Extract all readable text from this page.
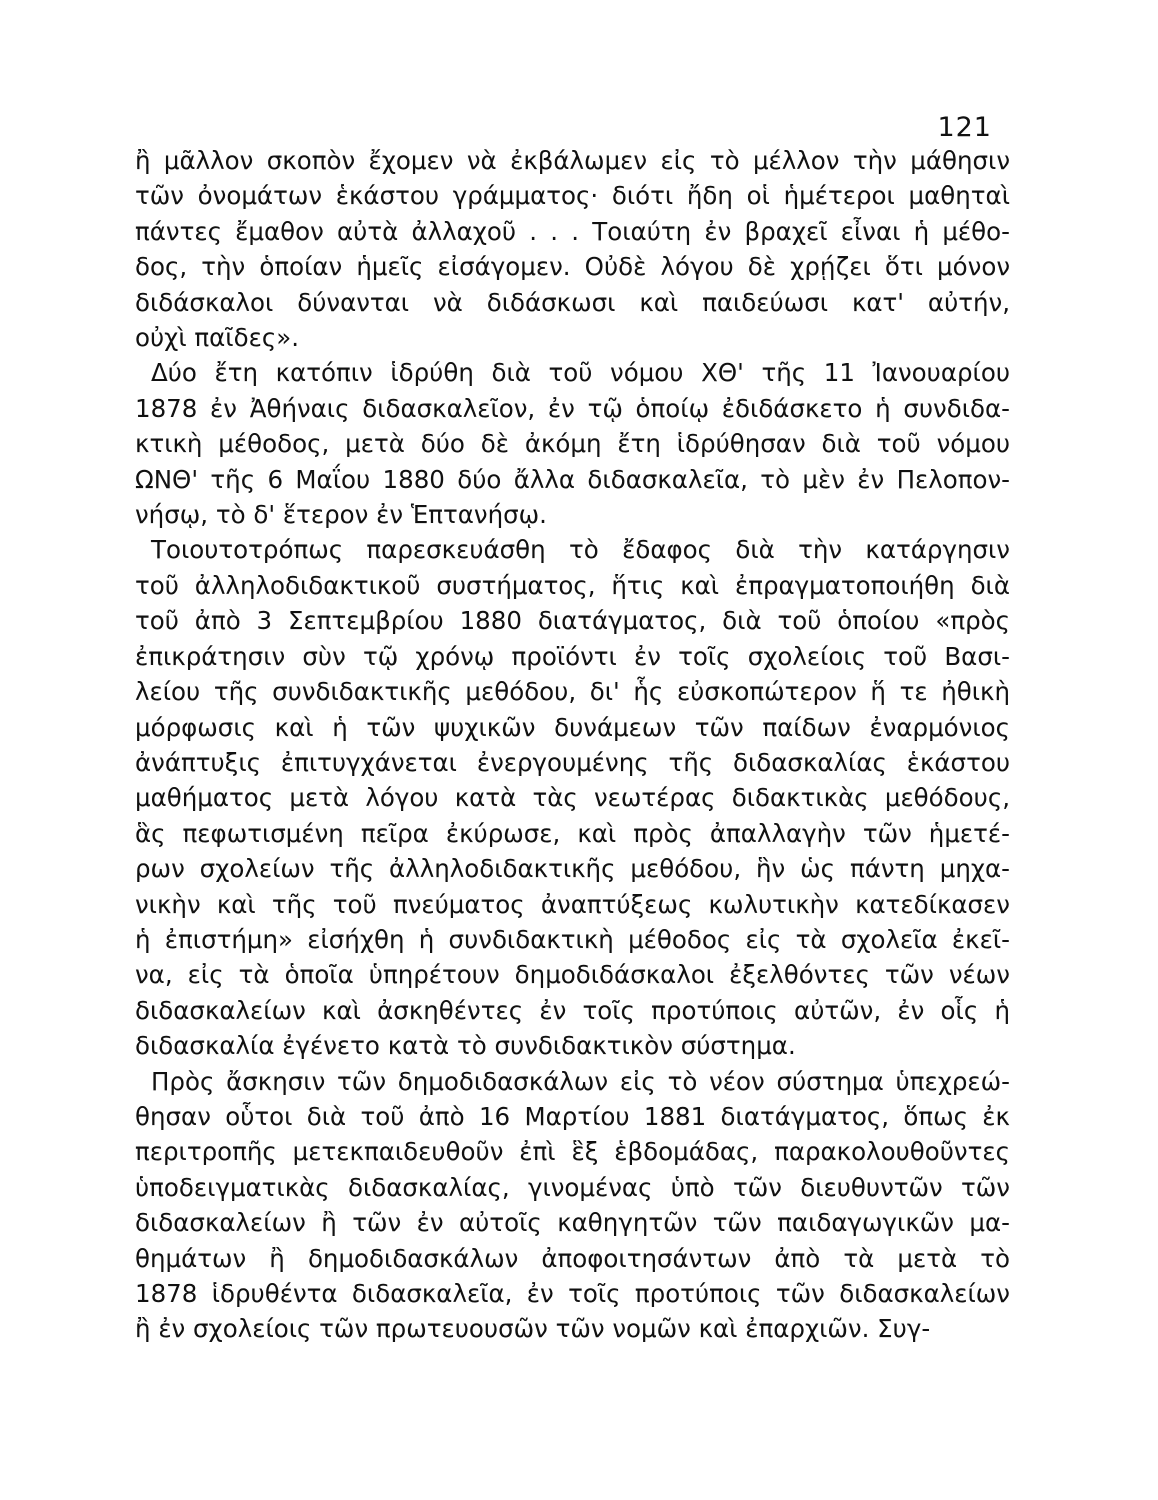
121
ἢ μᾶλλον σκοπὸν ἔχομεν νὰ ἐκβάλωμεν εἰς τὸ μέλλον τὴν μάθησιν
τῶν ὀνομάτων ἑκάστου γράμματος· διότι ἤδη οἱ ἡμέτεροι μαθηταὶ
πάντες ἔμαθον αὐτὰ ἀλλαχοῦ . . . Τοιαύτη ἐν βραχεῖ εἶναι ἡ μέθο-
δος, τὴν ὁποίαν ἡμεῖς εἰσάγομεν. Οὐδὲ λόγου δὲ χρῄζει ὅτι μόνον
διδάσκαλοι δύνανται νὰ διδάσκωσι καὶ παιδεύωσι κατ' αὐτήν,
οὐχὶ παῖδες».
Δύο ἔτη κατόπιν ἱδρύθη διὰ τοῦ νόμου ΧΘ' τῆς 11 Ἰανουαρίου
1878 ἐν Ἀθήναις διδασκαλεῖον, ἐν τῷ ὁποίῳ ἐδιδάσκετο ἡ συνδιδα-
κτικὴ μέθοδος, μετὰ δύο δὲ ἀκόμη ἔτη ἱδρύθησαν διὰ τοῦ νόμου
ΩΝΘ' τῆς 6 Μαΐου 1880 δύο ἄλλα διδασκαλεῖα, τὸ μὲν ἐν Πελοπον-
νήσῳ, τὸ δ' ἕτερον ἐν Ἑπτανήσῳ.
Τοιουτοτρόπως παρεσκευάσθη τὸ ἔδαφος διὰ τὴν κατάργησιν
τοῦ ἀλληλοδιδακτικοῦ συστήματος, ἥτις καὶ ἐπραγματοποιήθη διὰ
τοῦ ἀπὸ 3 Σεπτεμβρίου 1880 διατάγματος, διὰ τοῦ ὁποίου «πρὸς
ἐπικράτησιν σὺν τῷ χρόνῳ προϊόντι ἐν τοῖς σχολείοις τοῦ Βασι-
λείου τῆς συνδιδακτικῆς μεθόδου, δι' ἧς εὐσκοπώτερον ἥ τε ἠθικὴ
μόρφωσις καὶ ἡ τῶν ψυχικῶν δυνάμεων τῶν παίδων ἐναρμόνιος
ἀνάπτυξις ἐπιτυγχάνεται ἐνεργουμένης τῆς διδασκαλίας ἑκάστου
μαθήματος μετὰ λόγου κατὰ τὰς νεωτέρας διδακτικὰς μεθόδους,
ἃς πεφωτισμένη πεῖρα ἐκύρωσε, καὶ πρὸς ἀπαλλαγὴν τῶν ἡμετέ-
ρων σχολείων τῆς ἀλληλοδιδακτικῆς μεθόδου, ἣν ὡς πάντη μηχα-
νικὴν καὶ τῆς τοῦ πνεύματος ἀναπτύξεως κωλυτικὴν κατεδίκασεν
ἡ ἐπιστήμη» εἰσήχθη ἡ συνδιδακτικὴ μέθοδος εἰς τὰ σχολεῖα ἐκεῖ-
να, εἰς τὰ ὁποῖα ὑπηρέτουν δημοδιδάσκαλοι ἐξελθόντες τῶν νέων
διδασκαλείων καὶ ἀσκηθέντες ἐν τοῖς προτύποις αὐτῶν, ἐν οἷς ἡ
διδασκαλία ἐγένετο κατὰ τὸ συνδιδακτικὸν σύστημα.
Πρὸς ἄσκησιν τῶν δημοδιδασκάλων εἰς τὸ νέον σύστημα ὑπεχρεώ-
θησαν οὗτοι διὰ τοῦ ἀπὸ 16 Μαρτίου 1881 διατάγματος, ὅπως ἐκ
περιτροπῆς μετεκπαιδευθοῦν ἐπὶ ἓξ ἑβδομάδας, παρακολουθοῦντες
ὑποδειγματικὰς διδασκαλίας, γινομένας ὑπὸ τῶν διευθυντῶν τῶν
διδασκαλείων ἢ τῶν ἐν αὐτοῖς καθηγητῶν τῶν παιδαγωγικῶν μα-
θημάτων ἢ δημοδιδασκάλων ἀποφοιτησάντων ἀπὸ τὰ μετὰ τὸ
1878 ἱδρυθέντα διδασκαλεῖα, ἐν τοῖς προτύποις τῶν διδασκαλείων
ἢ ἐν σχολείοις τῶν πρωτευουσῶν τῶν νομῶν καὶ ἐπαρχιῶν. Συγ-
